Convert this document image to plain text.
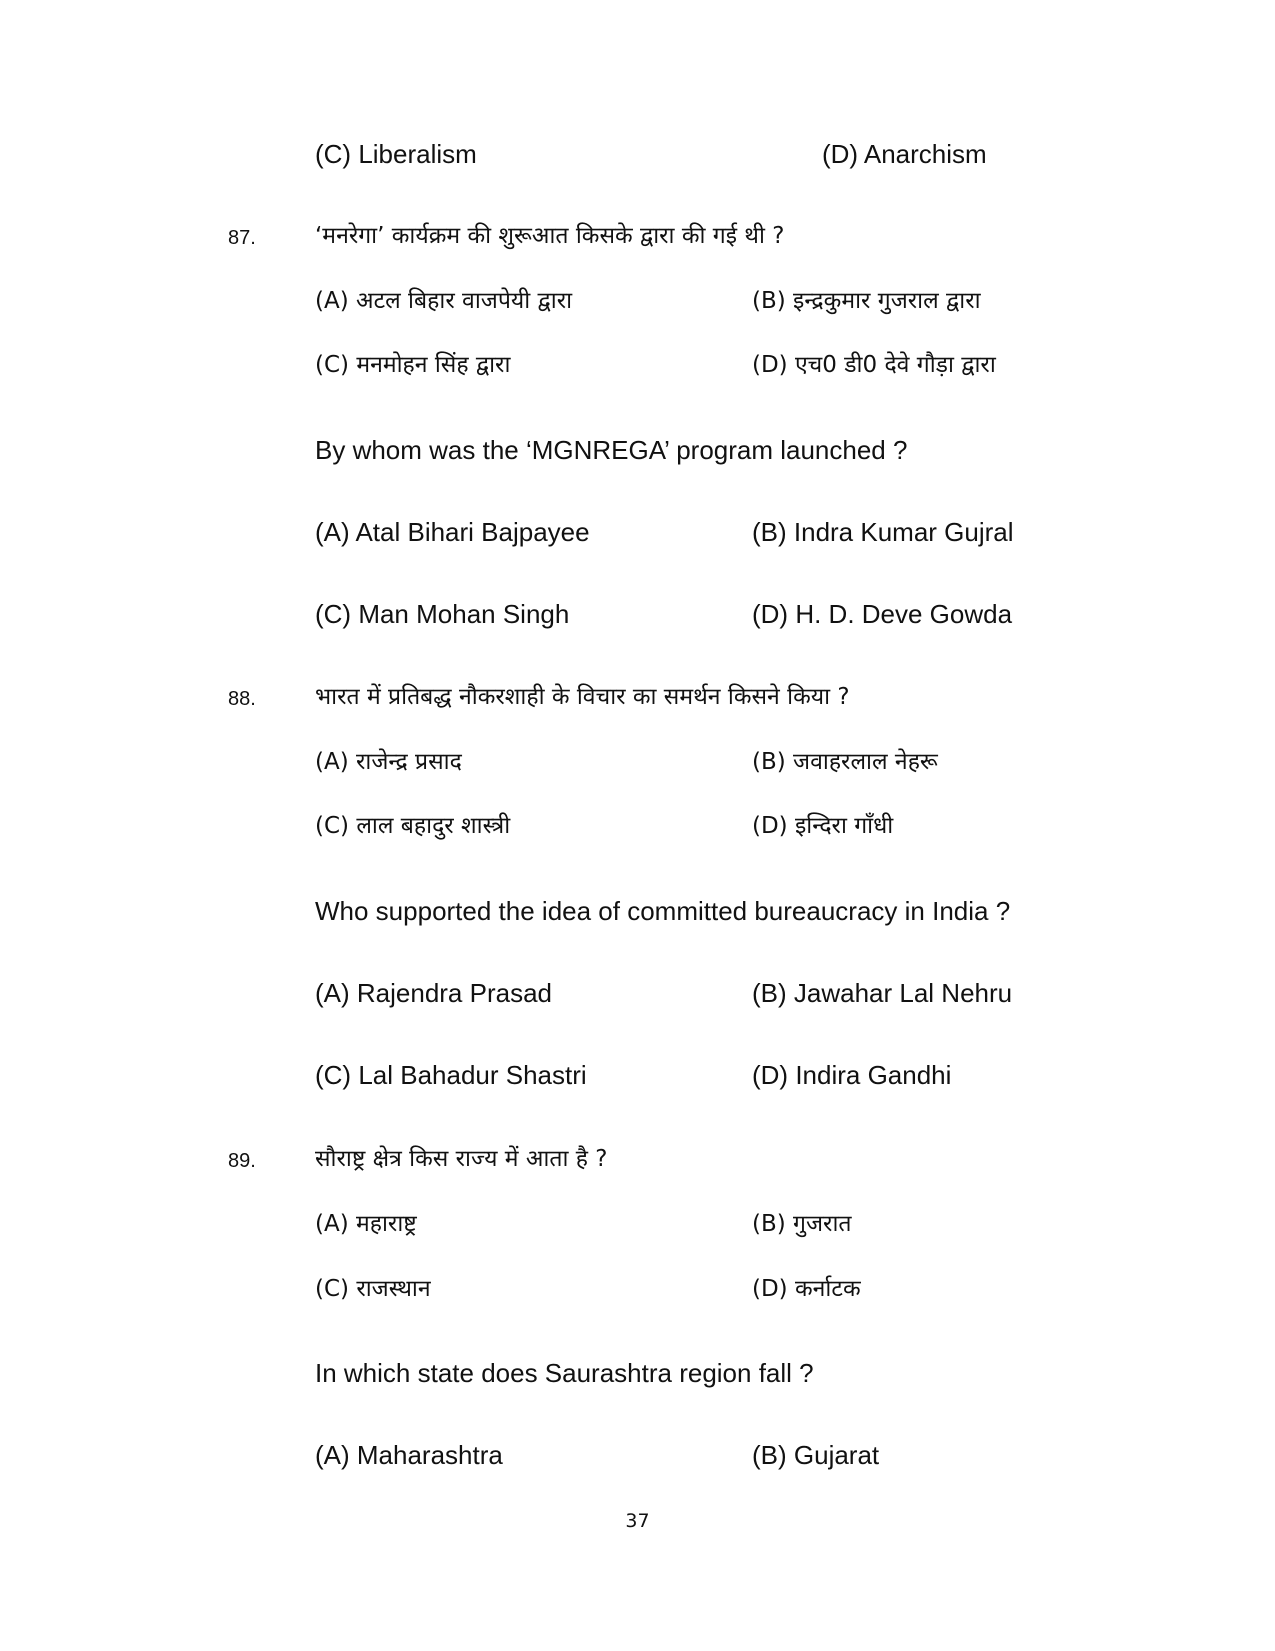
(C) Liberalism	(D) Anarchism
87.	‘मनरेगा’ कार्यक्रम की शुरूआत किसके द्वारा की गई थी ?
(A) अटल बिहार वाजपेयी द्वारा	(B) इन्द्रकुमार गुजराल द्वारा
(C) मनमोहन सिंह द्वारा	(D) एच0 डी0 देवे गौड़ा द्वारा
By whom was the ‘MGNREGA’ program launched ?
(A) Atal Bihari Bajpayee	(B) Indra Kumar Gujral
(C) Man Mohan Singh	(D) H. D. Deve Gowda
88.	भारत में प्रतिबद्ध नौकरशाही के विचार का समर्थन किसने किया ?
(A) राजेन्द्र प्रसाद	(B) जवाहरलाल नेहरू
(C) लाल बहादुर शास्त्री	(D) इन्दिरा गाँधी
Who supported the idea of committed bureaucracy in India ?
(A) Rajendra Prasad	(B) Jawahar Lal Nehru
(C) Lal Bahadur Shastri	(D) Indira Gandhi
89.	सौराष्ट्र क्षेत्र किस राज्य में आता है ?
(A) महाराष्ट्र	(B) गुजरात
(C) राजस्थान	(D) कर्नाटक
In which state does Saurashtra region fall ?
(A) Maharashtra	(B) Gujarat
37
